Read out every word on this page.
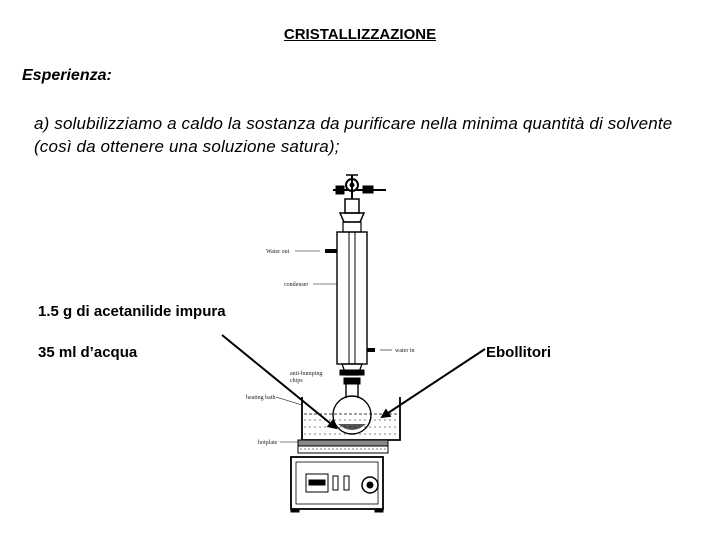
CRISTALLIZZAZIONE
Esperienza:
a) solubilizziamo a caldo la sostanza da purificare nella minima quantità di solvente (così da ottenere una soluzione satura);
Water out
condenser
water in
anti-bumping
chips
heating bath
hotplate
1.5 g di acetanilide impura
35 ml d’acqua	Ebollitori
